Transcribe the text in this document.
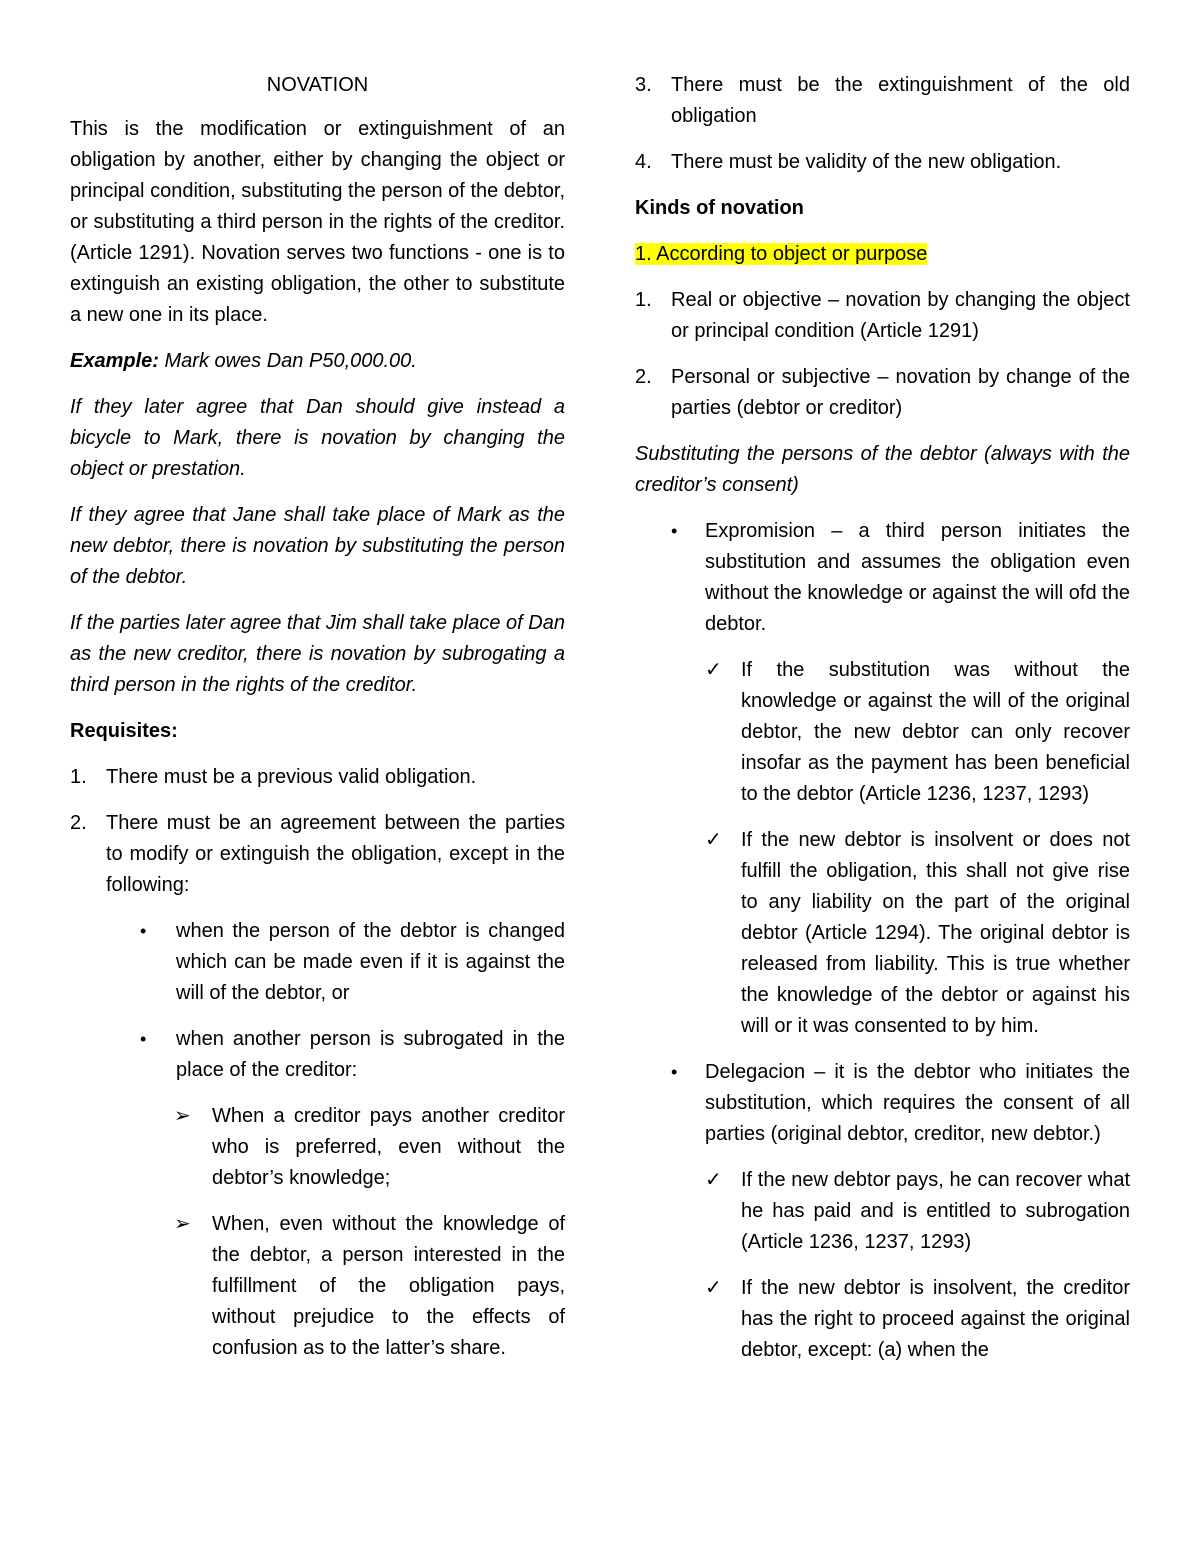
NOVATION

This is the modification or extinguishment of an obligation by another, either by changing the object or principal condition, substituting the person of the debtor, or substituting a third person in the rights of the creditor. (Article 1291). Novation serves two functions - one is to extinguish an existing obligation, the other to substitute a new one in its place.

Example: Mark owes Dan P50,000.00.

If they later agree that Dan should give instead a bicycle to Mark, there is novation by changing the object or prestation.

If they agree that Jane shall take place of Mark as the new debtor, there is novation by substituting the person of the debtor.

If the parties later agree that Jim shall take place of Dan as the new creditor, there is novation by subrogating a third person in the rights of the creditor.

Requisites:

1. There must be a previous valid obligation.
2. There must be an agreement between the parties to modify or extinguish the obligation, except in the following:
• when the person of the debtor is changed which can be made even if it is against the will of the debtor, or
• when another person is subrogated in the place of the creditor:
➢ When a creditor pays another creditor who is preferred, even without the debtor’s knowledge;
➢ When, even without the knowledge of the debtor, a person interested in the fulfillment of the obligation pays, without prejudice to the effects of confusion as to the latter’s share.
3. There must be the extinguishment of the old obligation
4. There must be validity of the new obligation.

Kinds of novation

1. According to object or purpose

1. Real or objective – novation by changing the object or principal condition (Article 1291)
2. Personal or subjective – novation by change of the parties (debtor or creditor)

Substituting the persons of the debtor (always with the creditor’s consent)

• Expromision – a third person initiates the substitution and assumes the obligation even without the knowledge or against the will ofd the debtor.
✓ If the substitution was without the knowledge or against the will of the original debtor, the new debtor can only recover insofar as the payment has been beneficial to the debtor (Article 1236, 1237, 1293)
✓ If the new debtor is insolvent or does not fulfill the obligation, this shall not give rise to any liability on the part of the original debtor (Article 1294). The original debtor is released from liability. This is true whether the knowledge of the debtor or against his will or it was consented to by him.
• Delegacion – it is the debtor who initiates the substitution, which requires the consent of all parties (original debtor, creditor, new debtor.)
✓ If the new debtor pays, he can recover what he has paid and is entitled to subrogation (Article 1236, 1237, 1293)
✓ If the new debtor is insolvent, the creditor has the right to proceed against the original debtor, except: (a) when the
